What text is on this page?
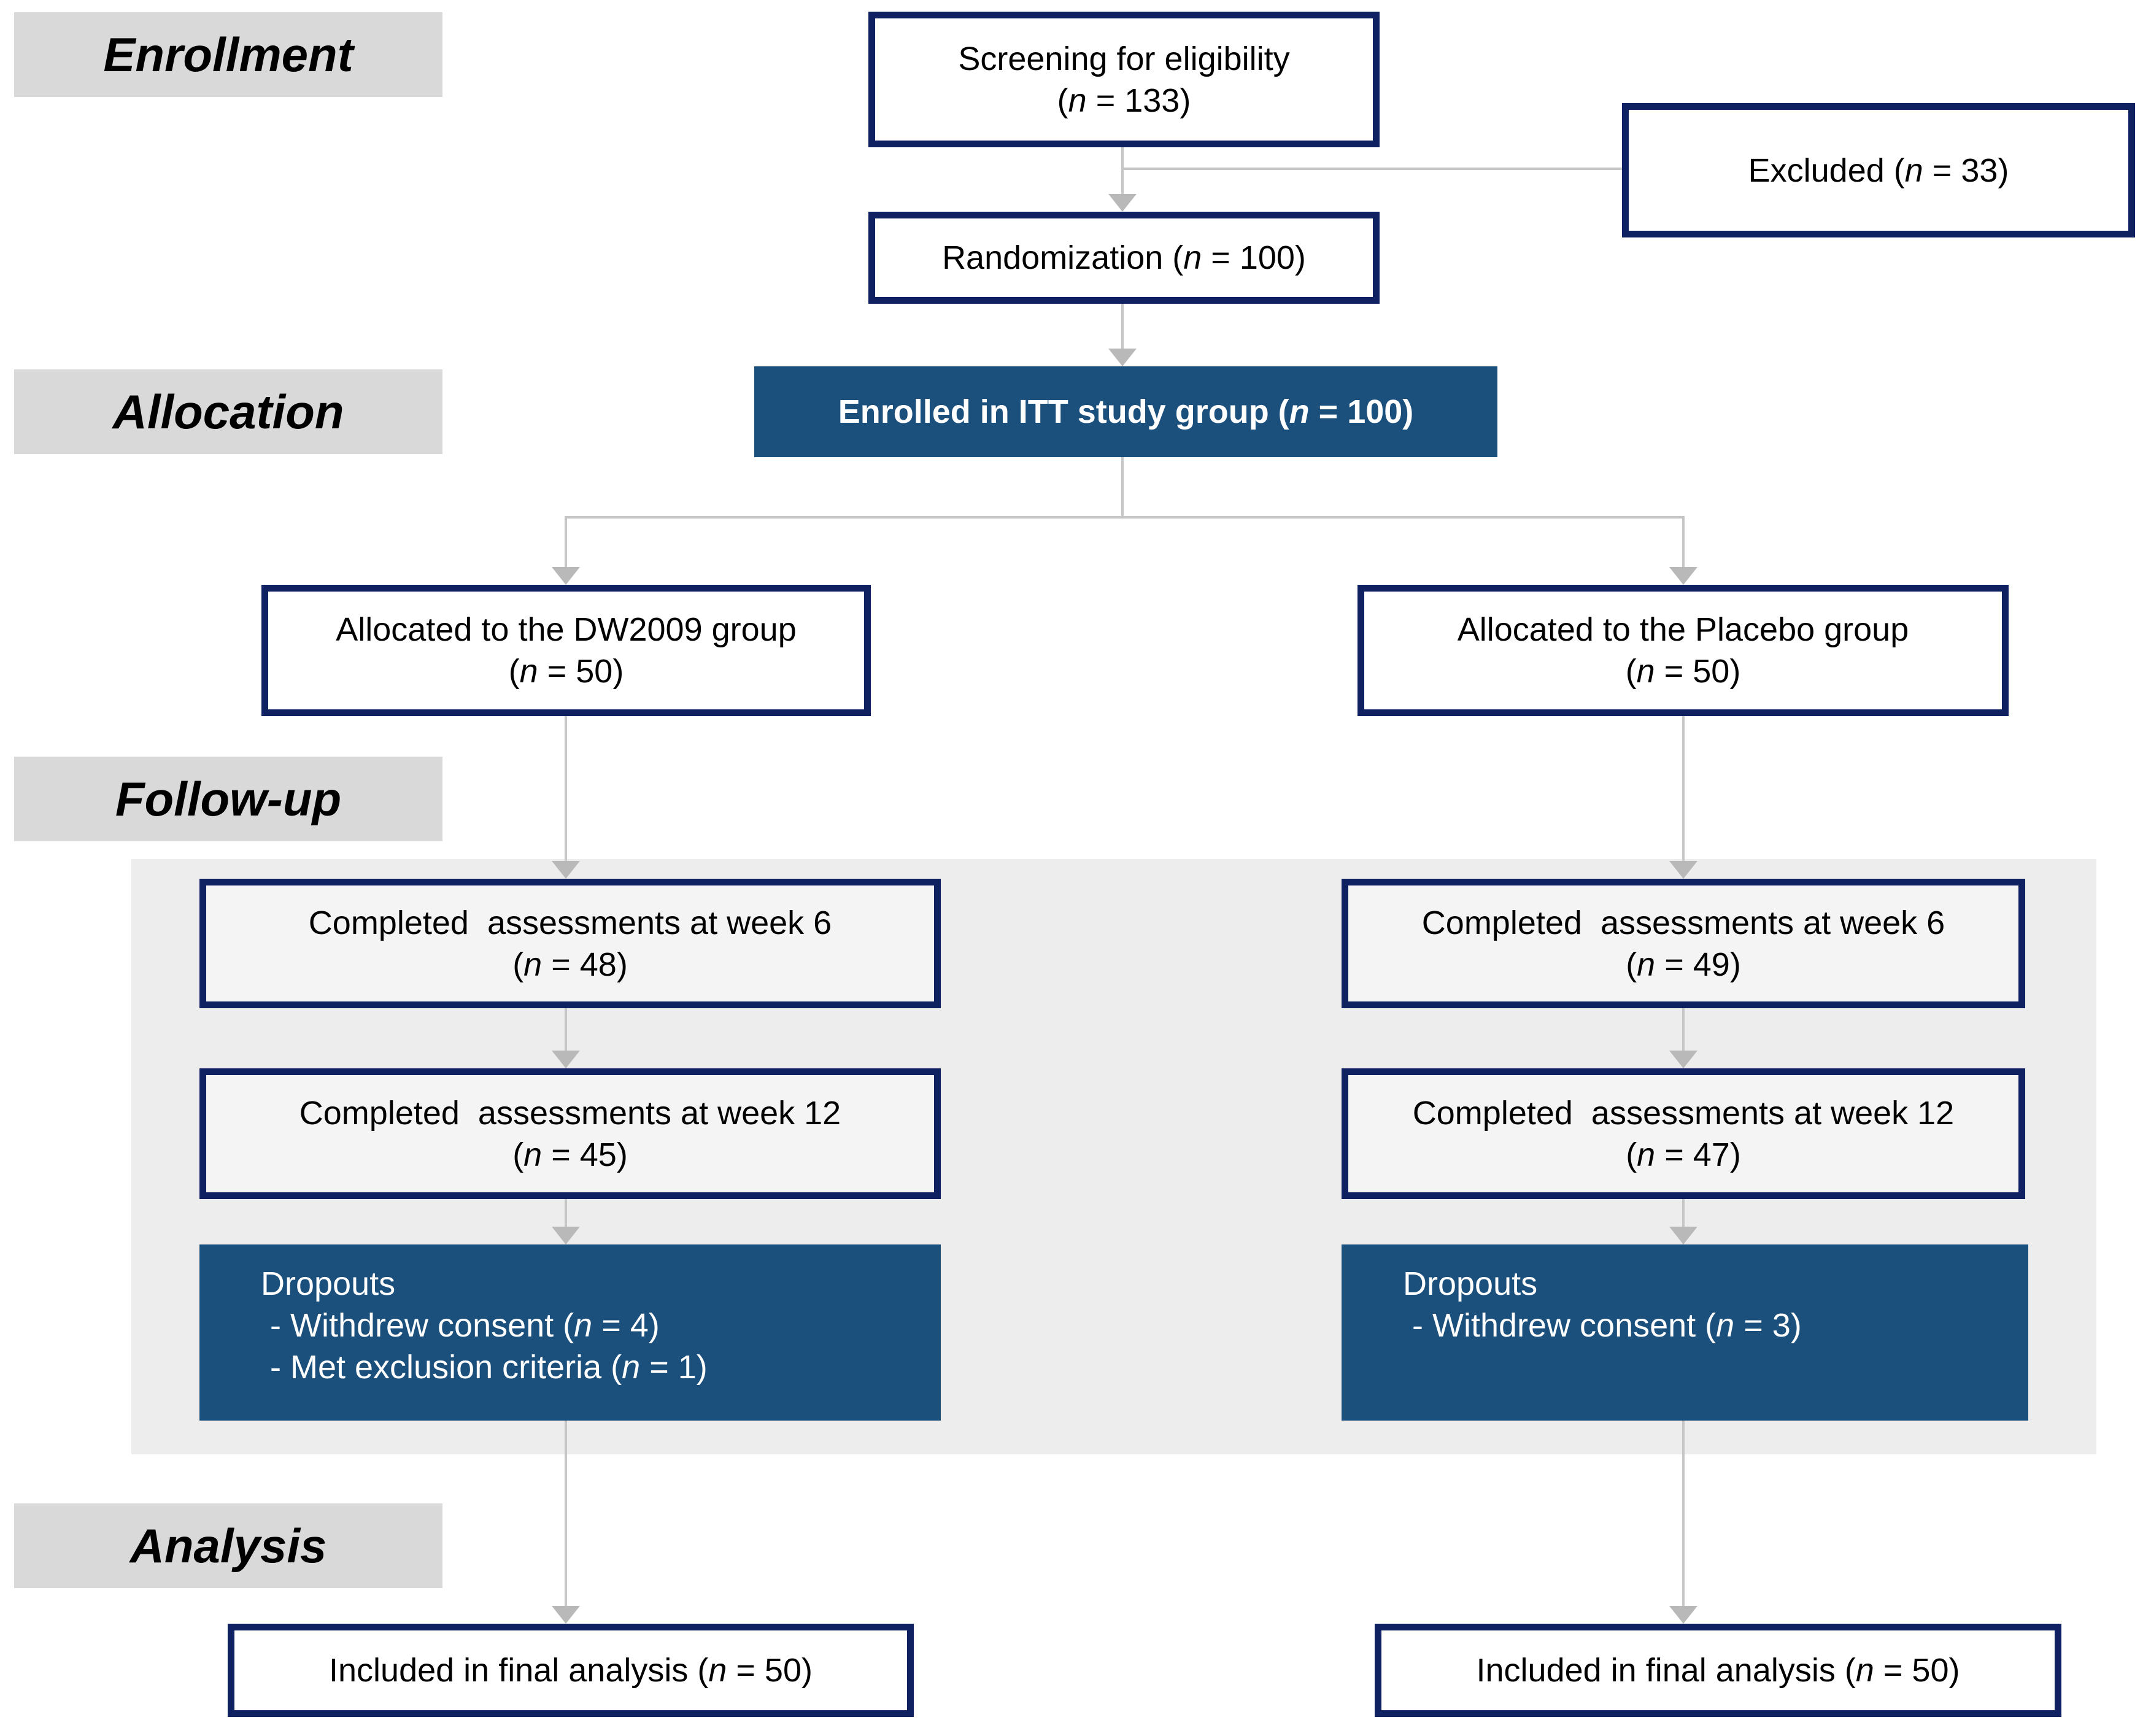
Enrollment
Allocation
Follow-up
Analysis
Screening for eligibility
(n = 133)
Excluded (n = 33)
Randomization (n = 100)
Enrolled in ITT study group (n = 100)
Allocated to the DW2009 group
(n = 50)
Allocated to the Placebo group
(n = 50)
Completed  assessments at week 6
(n = 48)
Completed  assessments at week 6
(n = 49)
Completed  assessments at week 12
(n = 45)
Completed  assessments at week 12
(n = 47)
Dropouts
- Withdrew consent (n = 4)
- Met exclusion criteria (n = 1)
Dropouts
- Withdrew consent (n = 3)
Included in final analysis (n = 50)	Included in final analysis (n = 50)
